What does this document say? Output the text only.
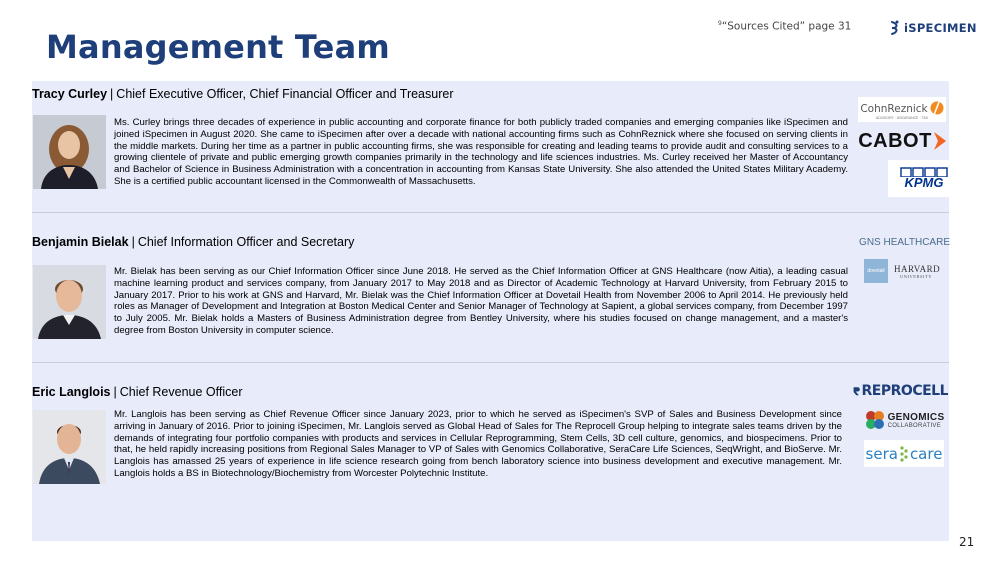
Management Team
$^9$“Sources Cited” page 31	iSPECIMEN
Tracy Curley | Chief Executive Officer, Chief Financial Officer and Treasurer
Ms. Curley brings three decades of experience in public accounting and corporate finance for both publicly traded companies and emerging companies like iSpecimen and joined iSpecimen in August 2020. She came to iSpecimen after over a decade with national accounting firms such as CohnReznick where she focused on serving clients in the middle markets. During her time as a partner in public accounting firms, she was responsible for creating and leading teams to provide audit and consulting services to a growing clientele of private and public emerging growth companies primarily in the technology and life sciences industries. Ms. Curley received her Master of Accountancy and Bachelor of Science in Business Administration with a concentration in accounting from Kansas State University. She also attended the United States Military Academy. She is a certified public accountant licensed in the Commonwealth of Massachusetts.
CohnReznick
ADVISORY · ASSURANCE · TAX
CABOT
KPMG
Benjamin Bielak | Chief Information Officer and Secretary
Mr. Bielak has been serving as our Chief Information Officer since June 2018. He served as the Chief Information Officer at GNS Healthcare (now Aitia), a leading casual machine learning product and services company, from January 2017 to May 2018 and as Director of Academic Technology at Harvard University, from February 2015 to January 2017. Prior to his work at GNS and Harvard, Mr. Bielak was the Chief Information Officer at Dovetail Health from November 2006 to April 2014. He previously held roles as Manager of Development and Integration at Boston Medical Center and Senior Manager of Technology at Sapient, a global services company, from December 1997 to July 2005. Mr. Bielak holds a Masters of Business Administration degree from Bentley University, where his studies focused on change management, and a master's degree from Boston University in computer science.
GNS HEALTHCARE
dovetail HARVARD
UNIVERSITY
Eric Langlois | Chief Revenue Officer
Mr. Langlois has been serving as Chief Revenue Officer since January 2023, prior to which he served as iSpecimen's SVP of Sales and Business Development since arriving in January of 2016. Prior to joining iSpecimen, Mr. Langlois served as Global Head of Sales for The Reprocell Group helping to integrate sales teams driven by the demands of integrating four portfolio companies with products and services in Cellular Reprogramming, Stem Cells, 3D cell culture, genomics, and biospecimens. Prior to that, he held rapidly increasing positions from Regional Sales Manager to VP of Sales with Genomics Collaborative, SeraCare Life Sciences, SeqWright, and BioServe. Mr. Langlois has amassed 25 years of experience in life science research going from bench laboratory science into business development and executive management. Mr. Langlois holds a BS in Biotechnology/Biochemistry from Worcester Polytechnic Institute.
REPROCELL
GENOMICS
COLLABORATIVE
sera care
21
